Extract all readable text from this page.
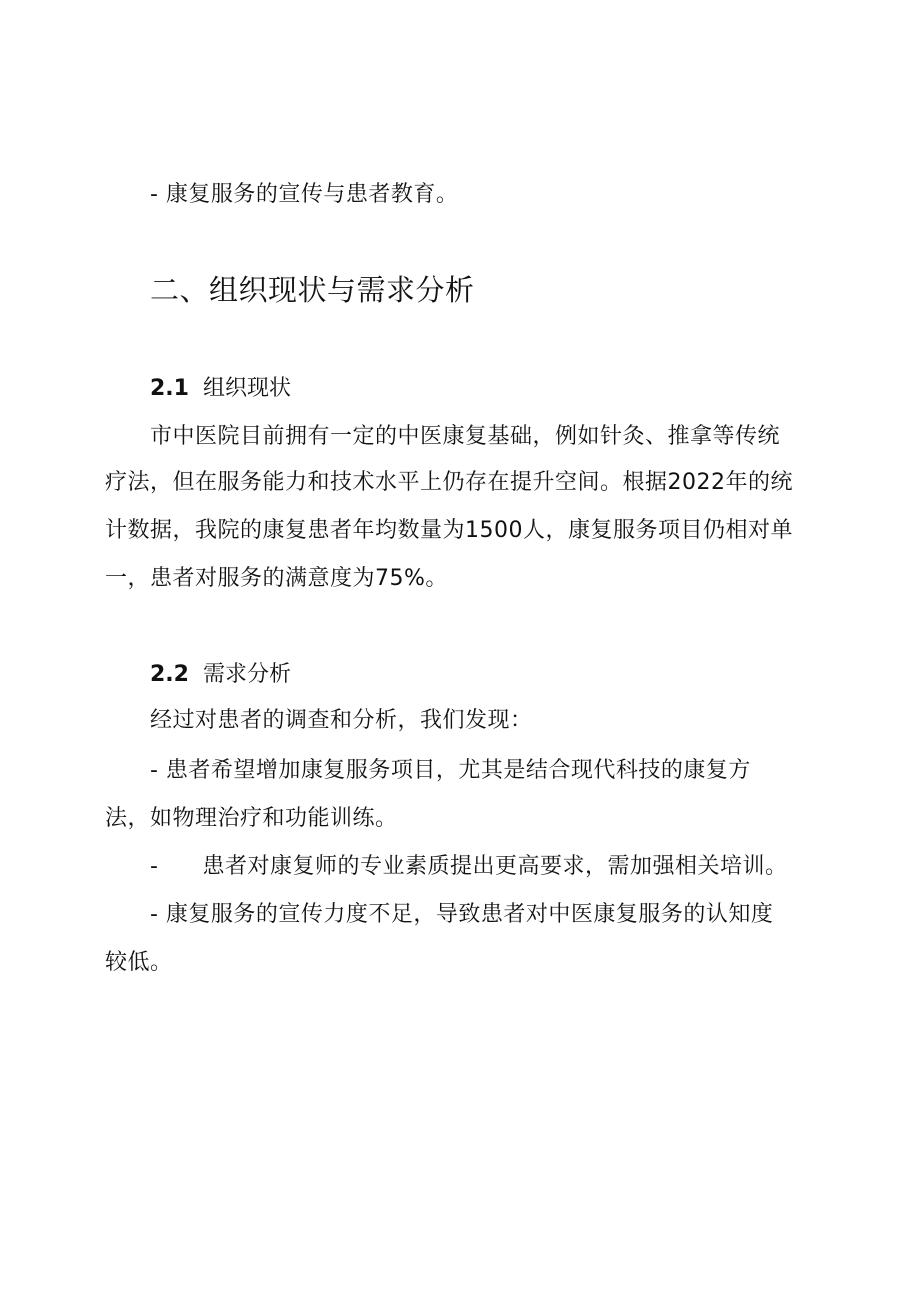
- 康复服务的宣传与患者教育。
二、组织现状与需求分析
2.1 组织现状
市中医院目前拥有一定的中医康复基础，例如针灸、推拿等传统
疗法，但在服务能力和技术水平上仍存在提升空间。根据2022年的统
计数据，我院的康复患者年均数量为1500人，康复服务项目仍相对单
一，患者对服务的满意度为75%。
2.2 需求分析
经过对患者的调查和分析，我们发现：
- 患者希望增加康复服务项目，尤其是结合现代科技的康复方
法，如物理治疗和功能训练。
- 患者对康复师的专业素质提出更高要求，需加强相关培训。
- 康复服务的宣传力度不足，导致患者对中医康复服务的认知度
较低。
